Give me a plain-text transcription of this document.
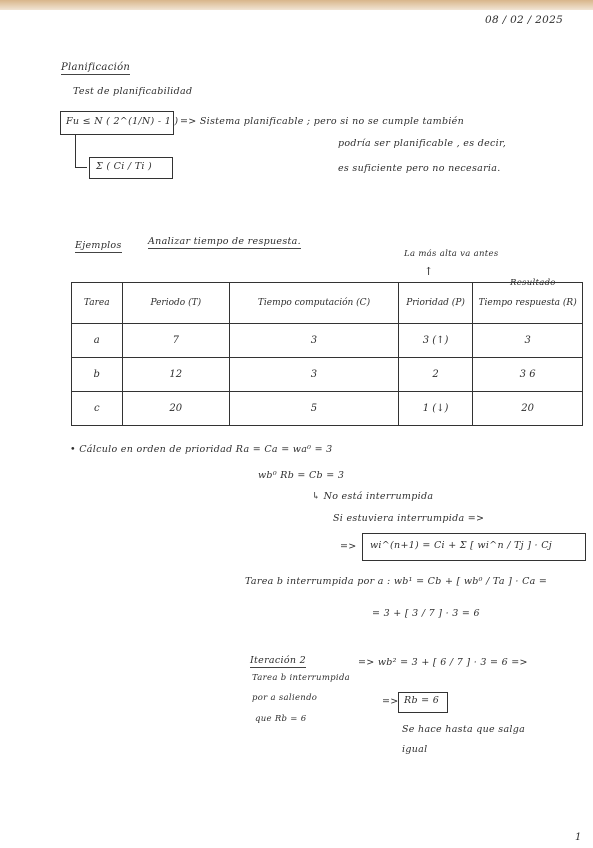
08 / 02 / 2025
Planificación
Test de planificabilidad
Fu ≤ N ( 2^(1/N) - 1 ) => Sistema planificable ; pero si no se cumple también
podría ser planificable , es decir,
es suficiente pero no necesaria.
Σ ( Ci / Ti )
Ejemplos	Analizar tiempo de respuesta.
La más alta va antes
↑
Resultado
Tarea	Periodo (T)	Tiempo computación (C)	Prioridad (P)	Tiempo respuesta (R)
a	7	3	3 (↑)	3
b	12	3	2	3 6
c	20	5	1 (↓)	20
• Cálculo en orden de prioridad Ra = Ca = wa⁰ = 3
wb⁰ Rb = Cb = 3
↳ No está interrumpida
Si estuviera interrumpida =>
=> wi^(n+1) = Ci + Σ [ wi^n / Tj ] · Cj
Tarea b interrumpida por a : wb¹ = Cb + [ wb⁰ / Ta ] · Ca =
= 3 + [ 3 / 7 ] · 3 = 6
Iteración 2
Tarea b interrumpida
por a saliendo
que Rb = 6
=> wb² = 3 + [ 6 / 7 ] · 3 = 6 =>
=> Rb = 6
Se hace hasta que salga
igual
1
